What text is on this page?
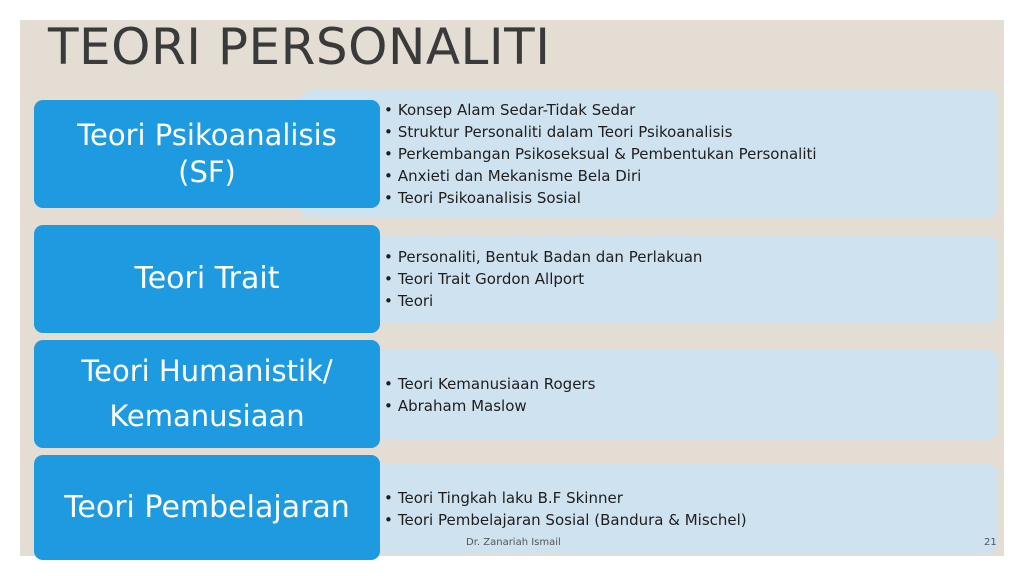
TEORI PERSONALITI
• Konsep Alam Sedar-Tidak Sedar
• Struktur Personaliti dalam Teori Psikoanalisis
• Perkembangan Psikoseksual & Pembentukan Personaliti
• Anxieti dan Mekanisme Bela Diri
• Teori Psikoanalisis Sosial
Teori Psikoanalisis
(SF)
• Personaliti, Bentuk Badan dan Perlakuan
• Teori Trait Gordon Allport
• Teori
Teori Trait
• Teori Kemanusiaan Rogers
• Abraham Maslow
Teori Humanistik/
Kemanusiaan
• Teori Tingkah laku B.F Skinner
• Teori Pembelajaran Sosial (Bandura & Mischel)
Teori Pembelajaran
Dr. Zanariah Ismail	21
